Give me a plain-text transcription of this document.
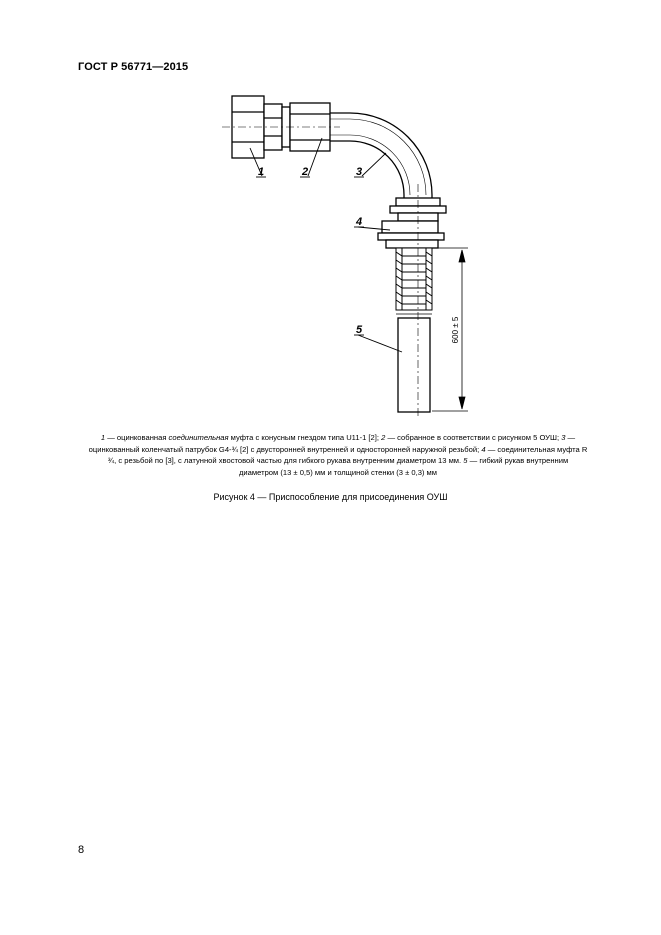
ГОСТ Р 56771—2015
1	2	3
4
5	600 ± 5
1 — оцинкованная соединительная муфта с конусным гнездом типа U11-1 [2]; 2 — собранное в соответствии с рисунком 5 ОУШ; 3 — оцинкованный коленчатый патрубок G4-¾ [2] с двусторонней внутренней и односторонней наружной резьбой; 4 — соединительная муфта R ¾, с резьбой по [3], с латунной хвостовой частью для гибкого рукава внутренним диаметром 13 мм. 5 — гибкий рукав внутренним диаметром (13 ± 0,5) мм и толщиной стенки (3 ± 0,3) мм
Рисунок 4 — Приспособление для присоединения ОУШ
8
